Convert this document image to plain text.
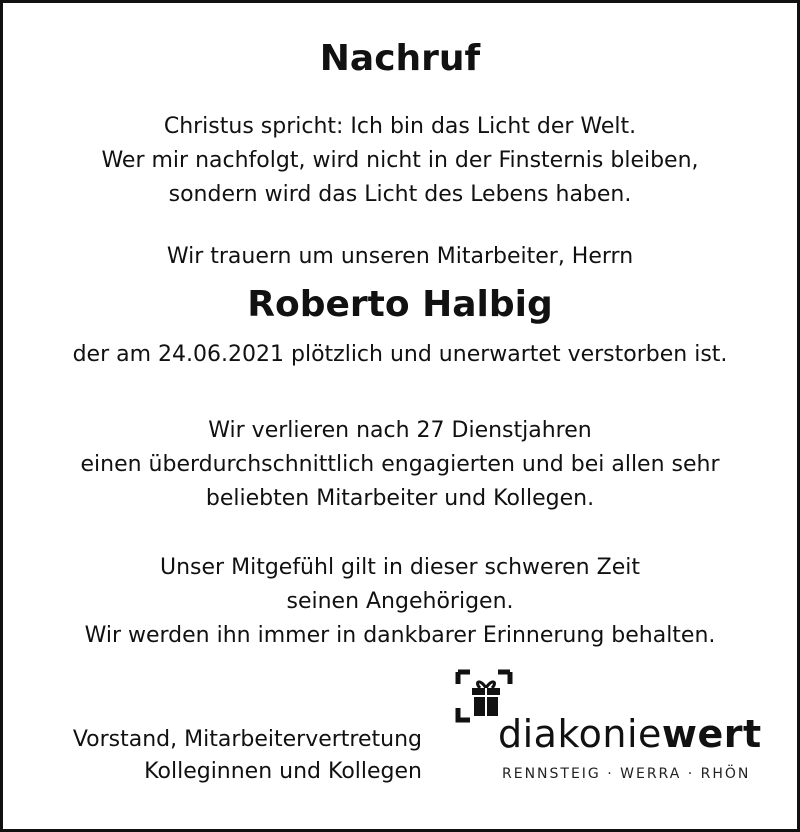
Nachruf
Christus spricht: Ich bin das Licht der Welt.
Wer mir nachfolgt, wird nicht in der Finsternis bleiben,
sondern wird das Licht des Lebens haben.
Wir trauern um unseren Mitarbeiter, Herrn
Roberto Halbig
der am 24.06.2021 plötzlich und unerwartet verstorben ist.
Wir verlieren nach 27 Dienstjahren
einen überdurchschnittlich engagierten und bei allen sehr
beliebten Mitarbeiter und Kollegen.
Unser Mitgefühl gilt in dieser schweren Zeit
seinen Angehörigen.
Wir werden ihn immer in dankbarer Erinnerung behalten.
Vorstand, Mitarbeitervertretung
Kolleginnen und Kollegen
diakoniewert
RENNSTEIG · WERRA · RHÖN
